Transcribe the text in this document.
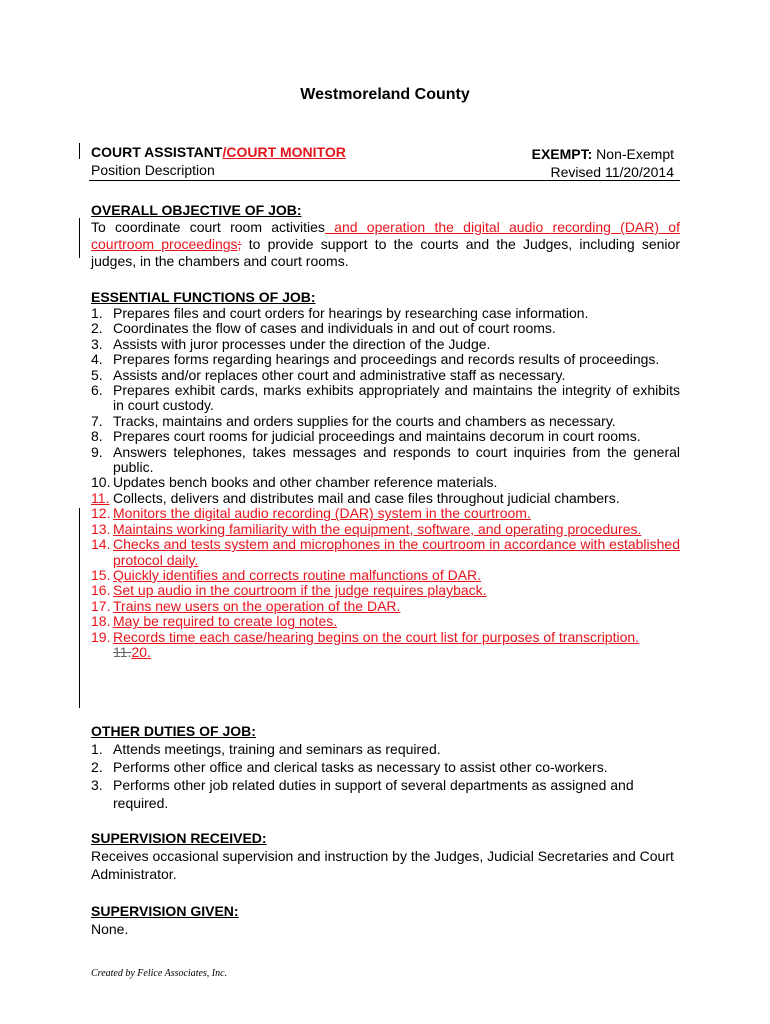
Westmoreland County
COURT ASSISTANT/COURT MONITOR
Position Description
EXEMPT: Non-Exempt
Revised 11/20/2014
OVERALL OBJECTIVE OF JOB:
To coordinate court room activities and operation the digital audio recording (DAR) of courtroom proceedings; to provide support to the courts and the Judges, including senior judges, in the chambers and court rooms.
ESSENTIAL FUNCTIONS OF JOB:
1. Prepares files and court orders for hearings by researching case information.
2. Coordinates the flow of cases and individuals in and out of court rooms.
3. Assists with juror processes under the direction of the Judge.
4. Prepares forms regarding hearings and proceedings and records results of proceedings.
5. Assists and/or replaces other court and administrative staff as necessary.
6. Prepares exhibit cards, marks exhibits appropriately and maintains the integrity of exhibits in court custody.
7. Tracks, maintains and orders supplies for the courts and chambers as necessary.
8. Prepares court rooms for judicial proceedings and maintains decorum in court rooms.
9. Answers telephones, takes messages and responds to court inquiries from the general public.
10. Updates bench books and other chamber reference materials.
11. Collects, delivers and distributes mail and case files throughout judicial chambers.
12. Monitors the digital audio recording (DAR) system in the courtroom.
13. Maintains working familiarity with the equipment, software, and operating procedures.
14. Checks and tests system and microphones in the courtroom in accordance with established protocol daily.
15. Quickly identifies and corrects routine malfunctions of DAR.
16. Set up audio in the courtroom if the judge requires playback.
17. Trains new users on the operation of the DAR.
18. May be required to create log notes.
19. Records time each case/hearing begins on the court list for purposes of transcription.
11.20.
OTHER DUTIES OF JOB:
1. Attends meetings, training and seminars as required.
2. Performs other office and clerical tasks as necessary to assist other co-workers.
3. Performs other job related duties in support of several departments as assigned and required.
SUPERVISION RECEIVED:
Receives occasional supervision and instruction by the Judges, Judicial Secretaries and Court Administrator.
SUPERVISION GIVEN:
None.
Created by Felice Associates, Inc.
